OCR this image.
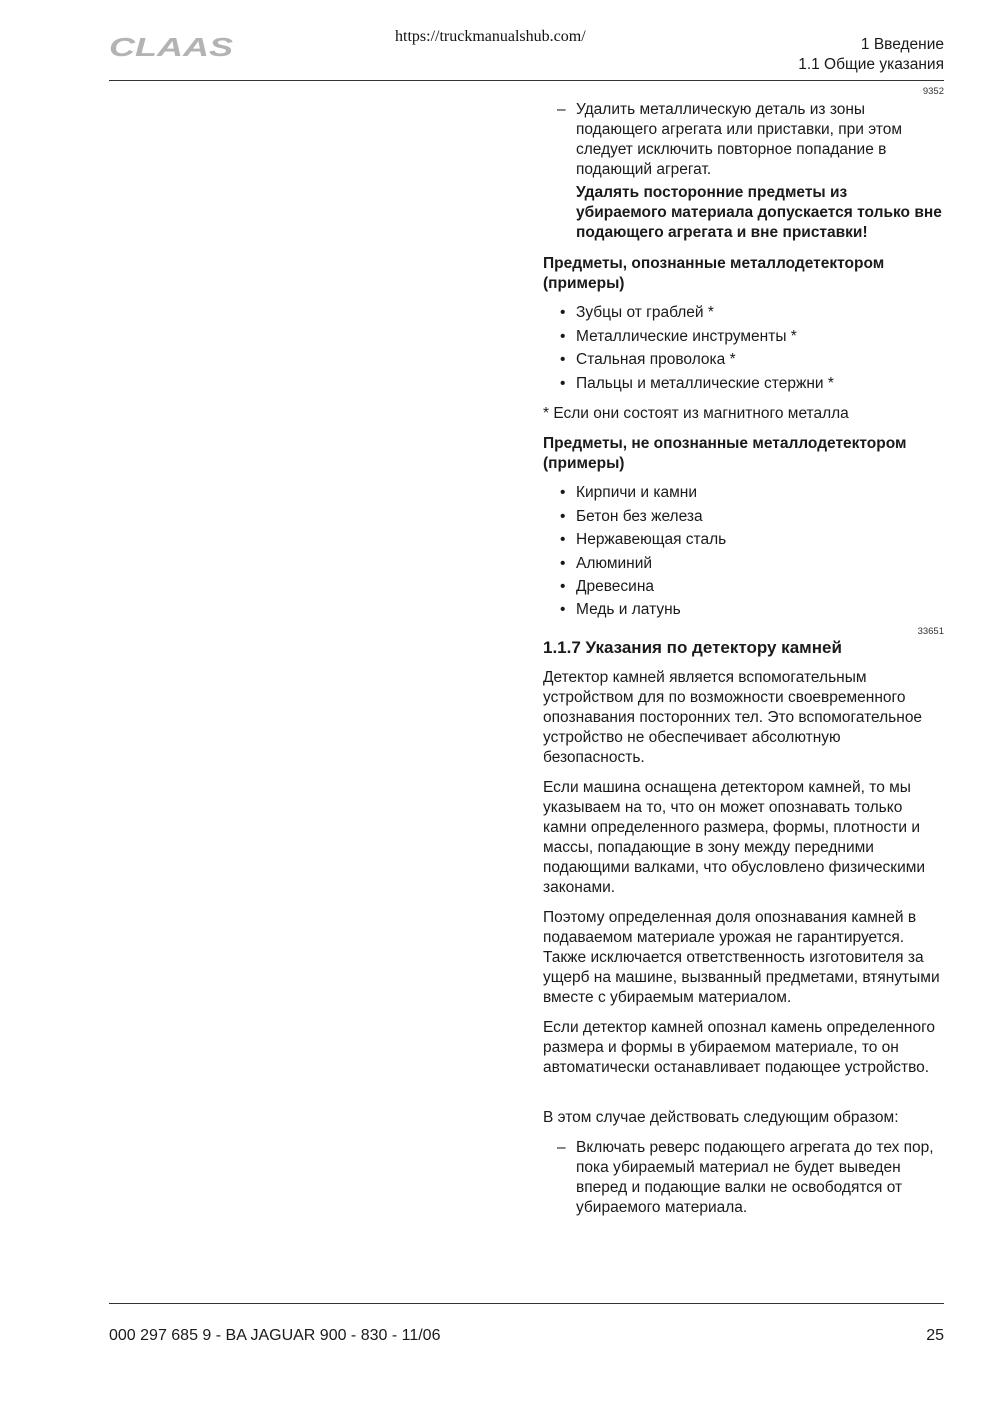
CLAAS	https://truckmanualshub.com/	1 Введение
1.1 Общие указания
9352
– Удалить металлическую деталь из зоны подающего агрегата или приставки, при этом следует исключить повторное попадание в подающий агрегат.
Удалять посторонние предметы из убираемого материала допускается только вне подающего агрегата и вне приставки!
Предметы, опознанные металлодетектором (примеры)
• Зубцы от граблей *
• Металлические инструменты *
• Стальная проволока *
• Пальцы и металлические стержни *
* Если они состоят из магнитного металла
Предметы, не опознанные металлодетектором (примеры)
• Кирпичи и камни
• Бетон без железа
• Нержавеющая сталь
• Алюминий
• Древесина
• Медь и латунь
33651
1.1.7 Указания по детектору камней
Детектор камней является вспомогательным устройством для по возможности своевременного опознавания посторонних тел. Это вспомогательное устройство не обеспечивает абсолютную безопасность.
Если машина оснащена детектором камней, то мы указываем на то, что он может опознавать только камни определенного размера, формы, плотности и массы, попадающие в зону между передними подающими валками, что обусловлено физическими законами.
Поэтому определенная доля опознавания камней в подаваемом материале урожая не гарантируется. Также исключается ответственность изготовителя за ущерб на машине, вызванный предметами, втянутыми вместе с убираемым материалом.
Если детектор камней опознал камень определенного размера и формы в убираемом материале, то он автоматически останавливает подающее устройство.
В этом случае действовать следующим образом:
– Включать реверс подающего агрегата до тех пор, пока убираемый материал не будет выведен вперед и подающие валки не освободятся от убираемого материала.
000 297 685 9 - BA JAGUAR 900 - 830 - 11/06	25
